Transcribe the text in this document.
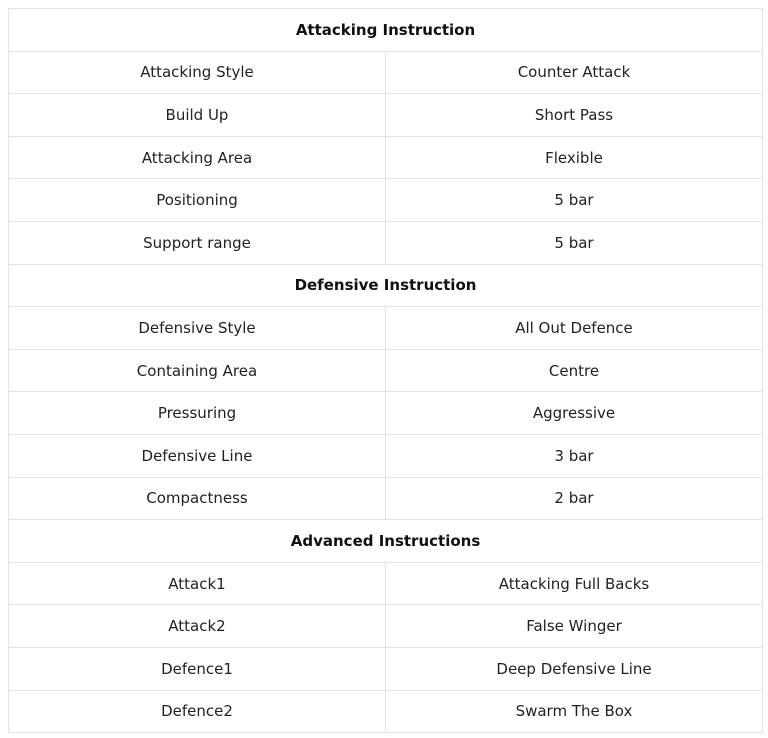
Attacking Instruction	
Attacking Style	Counter Attack
Build Up	Short Pass
Attacking Area	Flexible
Positioning	5 bar
Support range	5 bar
Defensive Instruction	
Defensive Style	All Out Defence
Containing Area	Centre
Pressuring	Aggressive
Defensive Line	3 bar
Compactness	2 bar
Advanced Instructions	
Attack1	Attacking Full Backs
Attack2	False Winger
Defence1	Deep Defensive Line
Defence2	Swarm The Box
